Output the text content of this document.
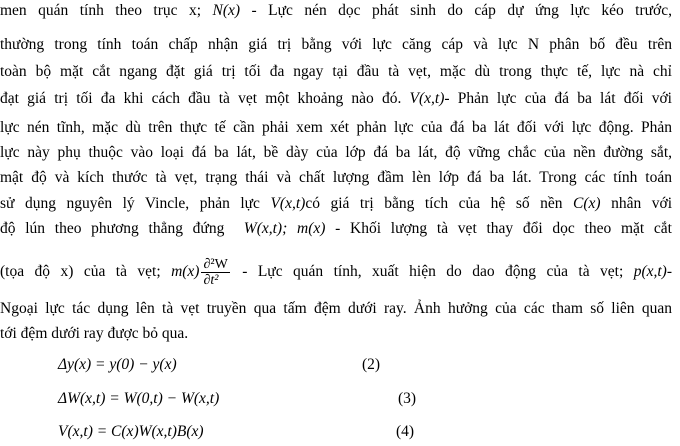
men quán tính theo trục x; N(x) - Lực nén dọc phát sinh do cáp dự ứng lực kéo trước,
thường trong tính toán chấp nhận giá trị bằng với lực căng cáp và lực N phân bố đều trên
toàn bộ mặt cắt ngang đặt giá trị tối đa ngay tại đầu tà vẹt, mặc dù trong thực tế, lực nà chỉ
đạt giá trị tối đa khi cách đầu tà vẹt một khoảng nào đó. V(x,t)- Phản lực của đá ba lát đối với
lực nén tĩnh, mặc dù trên thực tế cần phải xem xét phản lực của đá ba lát đối với lực động. Phản
lực này phụ thuộc vào loại đá ba lát, bề dày của lớp đá ba lát, độ vững chắc của nền đường sắt,
mật độ và kích thước tà vẹt, trạng thái và chất lượng đầm lèn lớp đá ba lát. Trong các tính toán
sử dụng nguyên lý Vincle, phản lực V(x,t)có giá trị bằng tích của hệ số nền C(x) nhân với
độ lún theo phương thẳng đứng  W(x,t); m(x) - Khối lượng tà vẹt thay đổi dọc theo mặt cắt
(tọa độ x) của tà vẹt; $m(x) \frac{\text{∂²W}}{\text{∂t²}}$ - Lực quán tính, xuất hiện do dao động của tà vẹt; p(x,t)-
Ngoại lực tác dụng lên tà vẹt truyền qua tấm đệm dưới ray. Ảnh hưởng của các tham số liên quan
tới đệm dưới ray được bỏ qua.
Δy(x) = y(0) − y(x)	(2)
ΔW(x,t) = W(0,t) − W(x,t)	(3)
V(x,t) = C(x)W(x,t)B(x)	(4)
